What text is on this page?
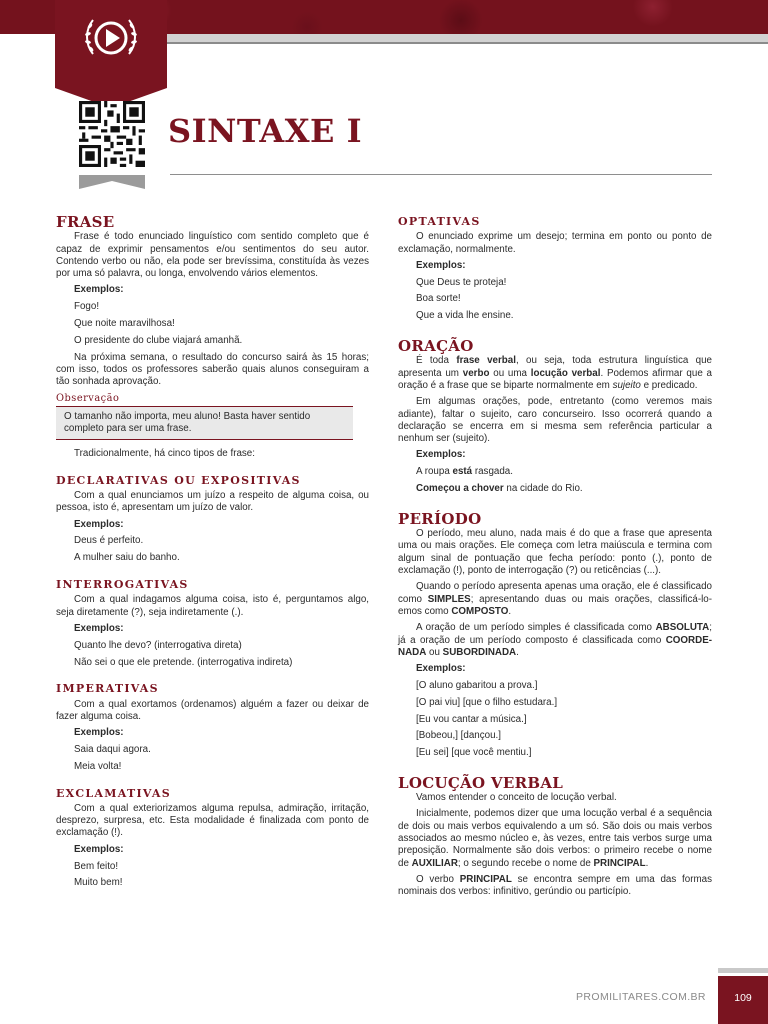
SINTAXE I
FRASE

Frase é todo enunciado linguístico com sentido completo que é capaz de exprimir pensamentos e/ou sentimentos do seu autor. Contendo verbo ou não, ela pode ser brevíssima, constituída às vezes por uma só palavra, ou longa, envolvendo vários elementos.

Exemplos:
Fogo!
Que noite maravilhosa!
O presidente do clube viajará amanhã.

Na próxima semana, o resultado do concurso sairá às 15 horas; com isso, todos os professores saberão quais alunos conseguiram a tão sonhada aprovação.

Observação
O tamanho não importa, meu aluno! Basta haver sentido completo para ser uma frase.

Tradicionalmente, há cinco tipos de frase:

DECLARATIVAS OU EXPOSITIVAS

Com a qual enunciamos um juízo a respeito de alguma coisa, ou pessoa, isto é, apresentam um juízo de valor.

Exemplos:
Deus é perfeito.
A mulher saiu do banho.
INTERROGATIVAS

Com a qual indagamos alguma coisa, isto é, perguntamos algo, seja diretamente (?), seja indiretamente (.).

Exemplos:
Quanto lhe devo? (interrogativa direta)
Não sei o que ele pretende. (interrogativa indireta)
IMPERATIVAS

Com a qual exortamos (ordenamos) alguém a fazer ou deixar de fazer alguma coisa.

Exemplos:
Saia daqui agora.
Meia volta!
EXCLAMATIVAS

Com a qual exteriorizamos alguma repulsa, admiração, irritação, desprezo, surpresa, etc. Esta modalidade é finalizada com ponto de exclamação (!).

Exemplos:
Bem feito!
Muito bem!
OPTATIVAS

O enunciado exprime um desejo; termina em ponto ou ponto de exclamação, normalmente.

Exemplos:
Que Deus te proteja!
Boa sorte!
Que a vida lhe ensine.
ORAÇÃO

É toda frase verbal, ou seja, toda estrutura linguística que apresenta um verbo ou uma locução verbal. Podemos afirmar que a oração é a frase que se biparte normalmente em sujeito e predicado.

Em algumas orações, pode, entretanto (como veremos mais adiante), faltar o sujeito, caro concurseiro. Isso ocorrerá quando a declaração se encerra em si mesma sem referência particular a nenhum ser (sujeito).

Exemplos:
A roupa está rasgada.
Começou a chover na cidade do Rio.
PERÍODO

O período, meu aluno, nada mais é do que a frase que apresenta uma ou mais orações. Ele começa com letra maiúscula e termina com algum sinal de pontuação que fecha período: ponto (.), ponto de exclamação (!), ponto de interrogação (?) ou reticências (...).

Quando o período apresenta apenas uma oração, ele é classificado como SIMPLES; apresentando duas ou mais orações, classificá-lo-emos como COMPOSTO.

A oração de um período simples é classificada como ABSOLUTA; já a oração de um período composto é classificada como COORDE-NADA ou SUBORDINADA.

Exemplos:
[O aluno gabaritou a prova.]
[O pai viu] [que o filho estudara.]
[Eu vou cantar a música.]
[Bobeou,] [dançou.]
[Eu sei] [que você mentiu.]
LOCUÇÃO VERBAL

Vamos entender o conceito de locução verbal.

Inicialmente, podemos dizer que uma locução verbal é a sequência de dois ou mais verbos equivalendo a um só. São dois ou mais verbos associados ao mesmo núcleo e, às vezes, entre tais verbos surge uma preposição. Normalmente são dois verbos: o primeiro recebe o nome de AUXILIAR; o segundo recebe o nome de PRINCIPAL.

O verbo PRINCIPAL se encontra sempre em uma das formas nominais dos verbos: infinitivo, gerúndio ou particípio.

PROMILITARES.COM.BR	109
